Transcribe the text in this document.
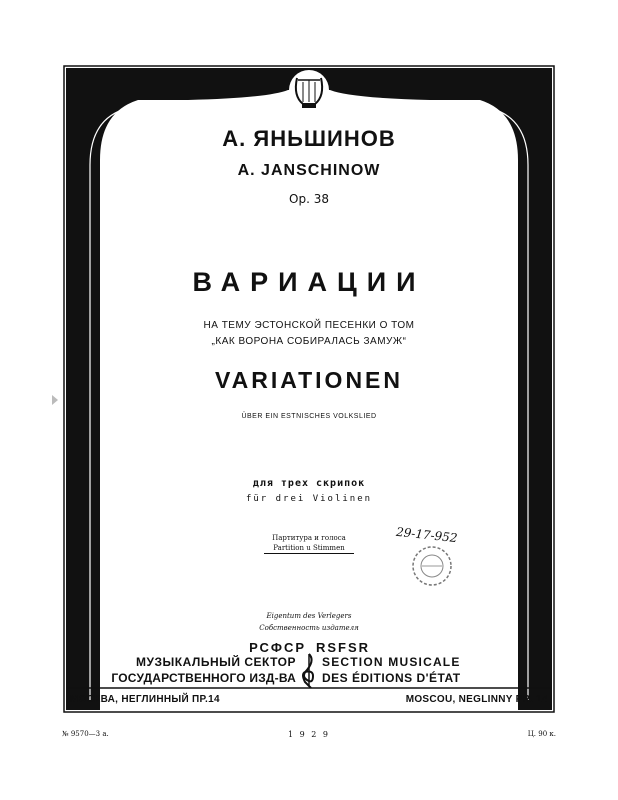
А. ЯНЬШИНОВ
A. JANSCHINOW
Op. 38
ВАРИАЦИИ
НА ТЕМУ ЭСТОНСКОЙ ПЕСЕНКИ О ТОМ
„КАК ВОРОНА СОБИРАЛАСЬ ЗАМУЖ“
VARIATIONEN
ÜBER EIN ESTNISCHES VOLKSLIED
для трех скрипок
für drei Violinen
Партитура и голоса
Partition u Stimmen
29-17-952
Eigentum des Verlegers
Собственность издателя
РСФСР RSFSR
МУЗЫКАЛЬНЫЙ СЕКТОР
ГОСУДАРСТВЕННОГО ИЗД-ВА
SECTION MUSICALE
DES ÉDITIONS D'ÉTAT
МОСКВА, НЕГЛИННЫЙ ПР.14	MOSCOU, NEGLINNY PR. 14
№ 9570—3 а.	1 9 2 9	Ц. 90 к.
